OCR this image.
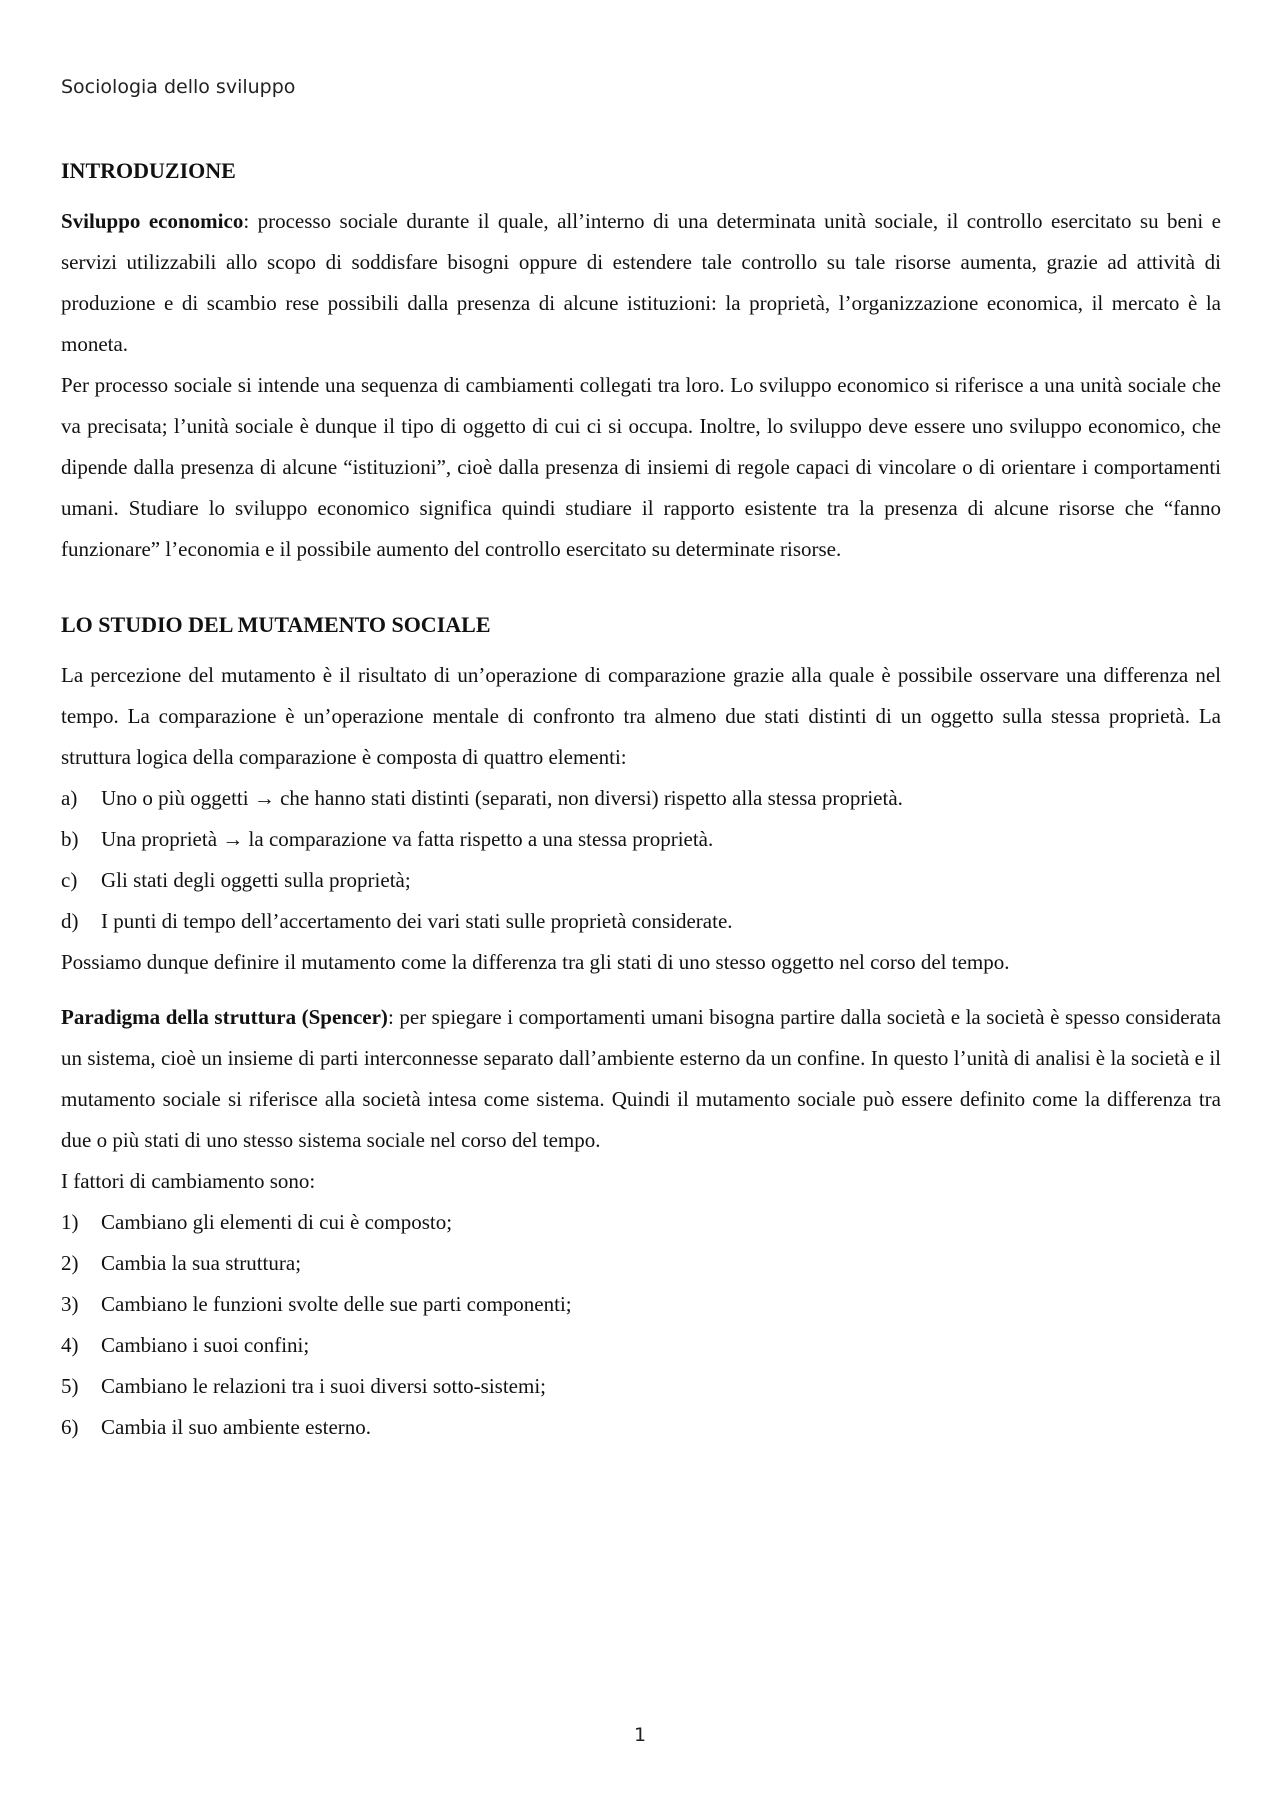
Sociologia dello sviluppo
INTRODUZIONE

Sviluppo economico: processo sociale durante il quale, all’interno di una determinata unità sociale, il controllo esercitato su beni e servizi utilizzabili allo scopo di soddisfare bisogni oppure di estendere tale controllo su tale risorse aumenta, grazie ad attività di produzione e di scambio rese possibili dalla presenza di alcune istituzioni: la proprietà, l’organizzazione economica, il mercato è la moneta.

Per processo sociale si intende una sequenza di cambiamenti collegati tra loro. Lo sviluppo economico si riferisce a una unità sociale che va precisata; l’unità sociale è dunque il tipo di oggetto di cui ci si occupa. Inoltre, lo sviluppo deve essere uno sviluppo economico, che dipende dalla presenza di alcune “istituzioni”, cioè dalla presenza di insiemi di regole capaci di vincolare o di orientare i comportamenti umani. Studiare lo sviluppo economico significa quindi studiare il rapporto esistente tra la presenza di alcune risorse che “fanno funzionare” l’economia e il possibile aumento del controllo esercitato su determinate risorse.

LO STUDIO DEL MUTAMENTO SOCIALE

La percezione del mutamento è il risultato di un’operazione di comparazione grazie alla quale è possibile osservare una differenza nel tempo. La comparazione è un’operazione mentale di confronto tra almeno due stati distinti di un oggetto sulla stessa proprietà. La struttura logica della comparazione è composta di quattro elementi:

a)	Uno o più oggetti → che hanno stati distinti (separati, non diversi) rispetto alla stessa proprietà.
b)	Una proprietà → la comparazione va fatta rispetto a una stessa proprietà.
c)	Gli stati degli oggetti sulla proprietà;
d)	I punti di tempo dell’accertamento dei vari stati sulle proprietà considerate.

Possiamo dunque definire il mutamento come la differenza tra gli stati di uno stesso oggetto nel corso del tempo.

Paradigma della struttura (Spencer): per spiegare i comportamenti umani bisogna partire dalla società e la società è spesso considerata un sistema, cioè un insieme di parti interconnesse separato dall’ambiente esterno da un confine. In questo l’unità di analisi è la società e il mutamento sociale si riferisce alla società intesa come sistema. Quindi il mutamento sociale può essere definito come la differenza tra due o più stati di uno stesso sistema sociale nel corso del tempo.

I fattori di cambiamento sono:

1)	Cambiano gli elementi di cui è composto;
2)	Cambia la sua struttura;
3)	Cambiano le funzioni svolte delle sue parti componenti;
4)	Cambiano i suoi confini;
5)	Cambiano le relazioni tra i suoi diversi sotto-sistemi;
6)	Cambia il suo ambiente esterno.
1
